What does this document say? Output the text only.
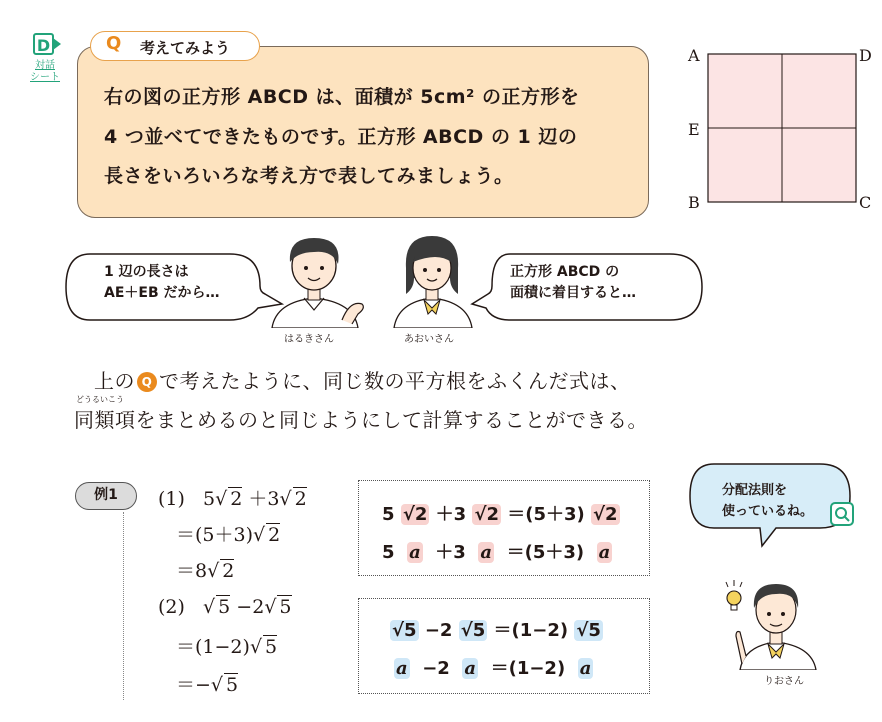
D
対話
シート
Q 考えてみよう
右の図の正方形 ABCD は、面積が 5cm² の正方形を
4 つ並べてできたものです。正方形 ABCD の 1 辺の
長さをいろいろな考え方で表してみましょう。
A	D
E
B	C
1 辺の長さは
AE＋EB だから…
正方形 ABCD の
面積に着目すると…
はるきさん	あおいさん
上の Q で考えたように、同じ数の平方根をふくんだ式は、
どうるいこう
同類項をまとめるのと同じようにして計算することができる。
例1	(1) 5√ 2 ＋3√ 2
＝(5＋3)√ 2
＝8√ 2
(2) √ 5 −2√ 5
＝(1−2)√ 5
＝−√ 5
5 √2 ＋3 √2 ＝(5＋3) √2
5 a ＋3 a ＝(5＋3) a
√5 −2 √5 ＝(1−2) √5
a −2 a ＝(1−2) a
分配法則を
使っているね。
りおさん
